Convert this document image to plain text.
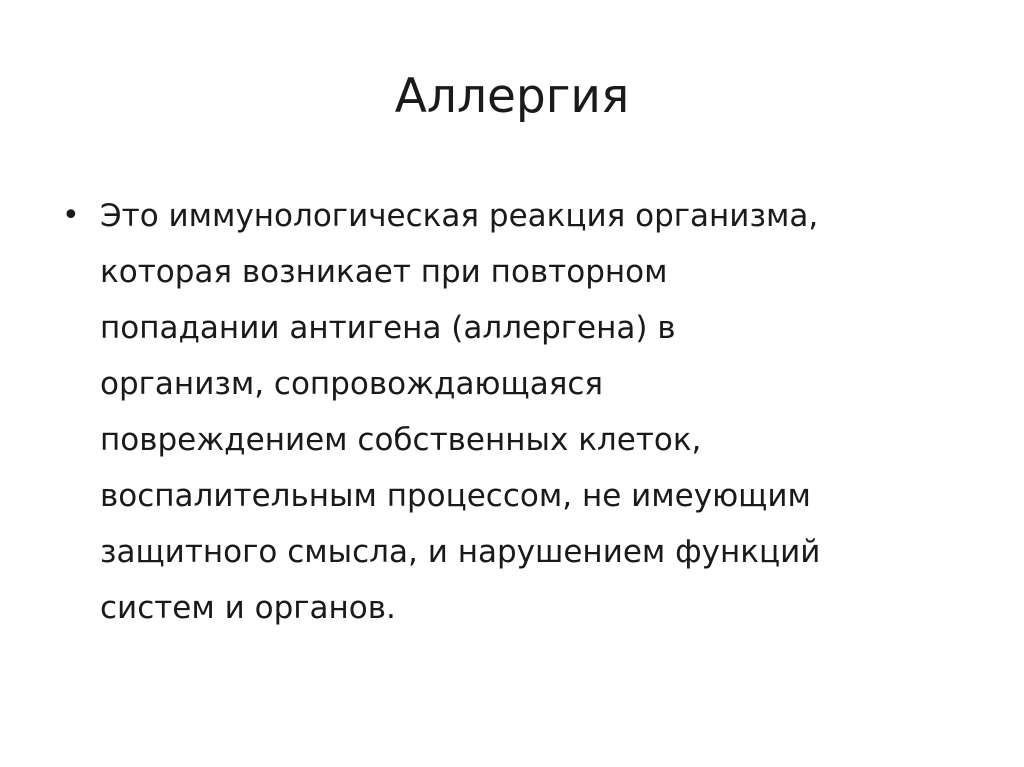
Аллергия
• Это иммунологическая реакция организма,
которая возникает при повторном
попадании антигена (аллергена) в
организм, сопровождающаяся
повреждением собственных клеток,
воспалительным процессом, не имеующим
защитного смысла, и нарушением функций
систем и органов.
